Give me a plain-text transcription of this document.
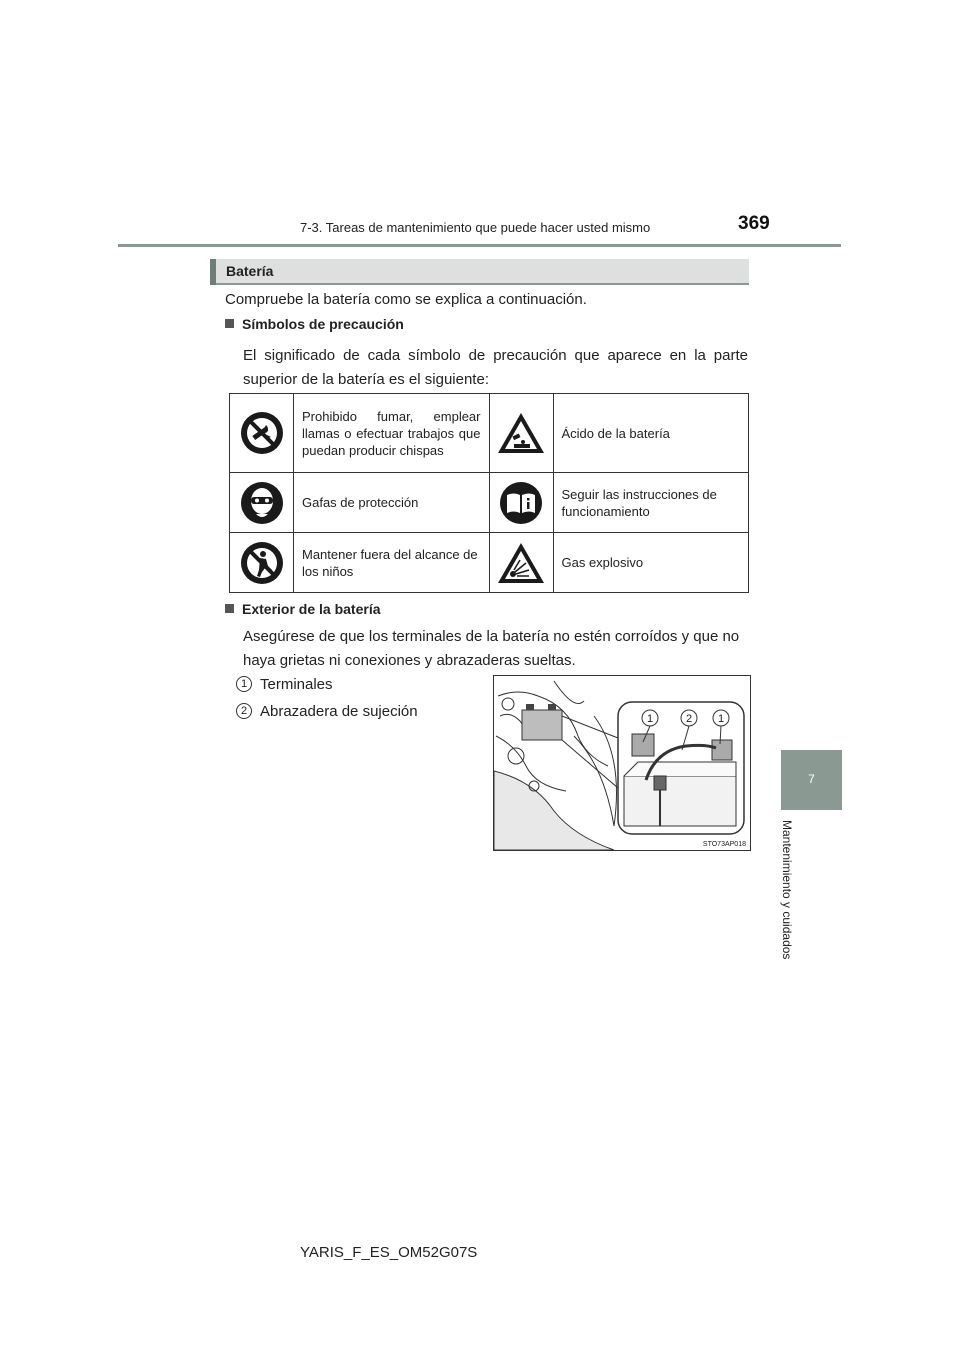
7-3. Tareas de mantenimiento que puede hacer usted mismo	369
7
Mantenimiento y cuidados
Batería
Compruebe la batería como se explica a continuación.
Símbolos de precaución
El significado de cada símbolo de precaución que aparece en la parte superior de la batería es el siguiente:
	Prohibido fumar, emplear llamas o efectuar trabajos que puedan producir chispas		Ácido de la batería

	Gafas de protección		Seguir las instrucciones de funcionamiento

	Mantener fuera del alcance de los niños		Gas explosivo
Exterior de la batería
Asegúrese de que los terminales de la batería no estén corroídos y que no haya grietas ni conexiones y abrazaderas sueltas.
1 Terminales
2 Abrazadera de sujeción	1	2 1
STO73AP018
YARIS_F_ES_OM52G07S
